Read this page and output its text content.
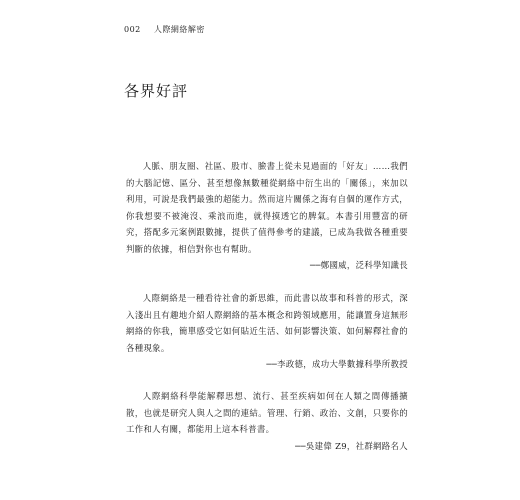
002 人際網絡解密
各界好評

人脈、朋友圈、社區、股市、臉書上從未見過面的「好友」……我們的大腦記憶、區分、甚至想像無數種從網絡中衍生出的「關係」，來加以利用，可說是我們最強的超能力。然而這片關係之海有自個的運作方式，你我想要不被淹沒、乘浪而進，就得摸透它的脾氣。本書引用豐富的研究，搭配多元案例跟數據，提供了值得參考的建議，已成為我做各種重要判斷的依據，相信對你也有幫助。

──鄭國威，泛科學知識長

人際網絡是一種看待社會的新思維，而此書以故事和科普的形式，深入淺出且有趣地介紹人際網絡的基本概念和跨領域應用，能讓置身這無形網絡的你我，簡單感受它如何貼近生活、如何影響決策、如何解釋社會的各種現象。

──李政德，成功大學數據科學所教授

人際網絡科學能解釋思想、流行、甚至疾病如何在人類之間傳播擴散，也就是研究人與人之間的連結。管理、行銷、政治、文創，只要你的工作和人有關，都能用上這本科普書。

──吳建偉 Z9，社群網路名人
